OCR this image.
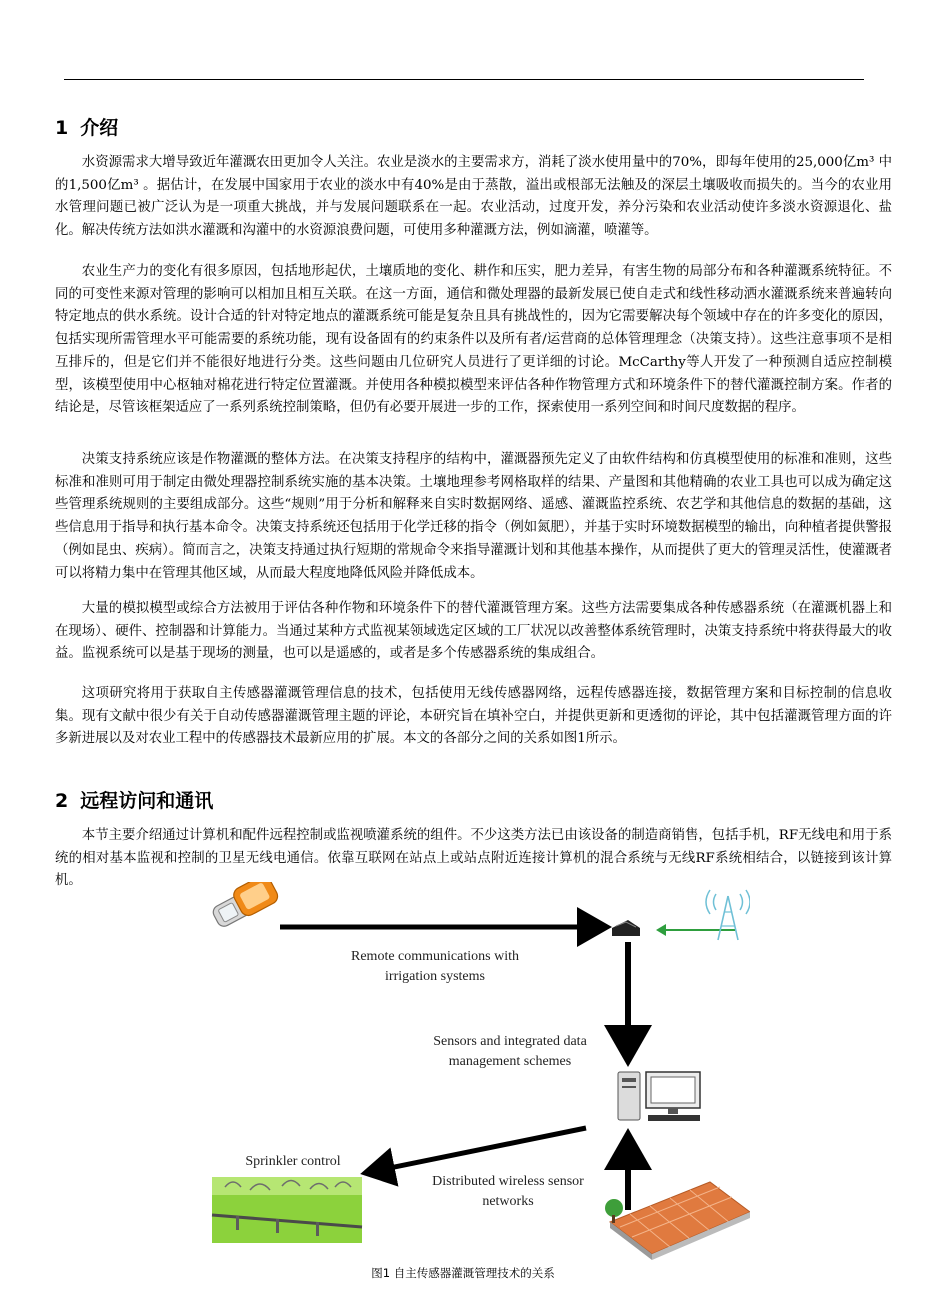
1 介绍

水资源需求大增导致近年灌溉农田更加令人关注。农业是淡水的主要需求方，消耗了淡水使用量中的70%，即每年使用的25,000亿m³ 中的1,500亿m³ 。据估计，在发展中国家用于农业的淡水中有40%是由于蒸散，溢出或根部无法触及的深层土壤吸收而损失的。当今的农业用水管理问题已被广泛认为是一项重大挑战，并与发展问题联系在一起。农业活动，过度开发，养分污染和农业活动使许多淡水资源退化、盐化。解决传统方法如洪水灌溉和沟灌中的水资源浪费问题，可使用多种灌溉方法，例如滴灌，喷灌等。

农业生产力的变化有很多原因，包括地形起伏，土壤质地的变化、耕作和压实，肥力差异，有害生物的局部分布和各种灌溉系统特征。不同的可变性来源对管理的影响可以相加且相互关联。在这一方面，通信和微处理器的最新发展已使自走式和线性移动洒水灌溉系统来普遍转向特定地点的供水系统。设计合适的针对特定地点的灌溉系统可能是复杂且具有挑战性的，因为它需要解决每个领域中存在的许多变化的原因，包括实现所需管理水平可能需要的系统功能，现有设备固有的约束条件以及所有者/运营商的总体管理理念（决策支持）。这些注意事项不是相互排斥的，但是它们并不能很好地进行分类。这些问题由几位研究人员进行了更详细的讨论。McCarthy等人开发了一种预测自适应控制模型，该模型使用中心枢轴对棉花进行特定位置灌溉。并使用各种模拟模型来评估各种作物管理方式和环境条件下的替代灌溉控制方案。作者的结论是，尽管该框架适应了一系列系统控制策略，但仍有必要开展进一步的工作，探索使用一系列空间和时间尺度数据的程序。

决策支持系统应该是作物灌溉的整体方法。在决策支持程序的结构中，灌溉器预先定义了由软件结构和仿真模型使用的标准和准则，这些标准和准则可用于制定由微处理器控制系统实施的基本决策。土壤地理参考网格取样的结果、产量图和其他精确的农业工具也可以成为确定这些管理系统规则的主要组成部分。这些“规则”用于分析和解释来自实时数据网络、遥感、灌溉监控系统、农艺学和其他信息的数据的基础，这些信息用于指导和执行基本命令。决策支持系统还包括用于化学迁移的指令（例如氮肥），并基于实时环境数据模型的输出，向种植者提供警报（例如昆虫、疾病）。简而言之，决策支持通过执行短期的常规命令来指导灌溉计划和其他基本操作，从而提供了更大的管理灵活性，使灌溉者可以将精力集中在管理其他区域，从而最大程度地降低风险并降低成本。

大量的模拟模型或综合方法被用于评估各种作物和环境条件下的替代灌溉管理方案。这些方法需要集成各种传感器系统（在灌溉机器上和在现场）、硬件、控制器和计算能力。当通过某种方式监视某领域选定区域的工厂状况以改善整体系统管理时，决策支持系统中将获得最大的收益。监视系统可以是基于现场的测量，也可以是遥感的，或者是多个传感器系统的集成组合。

这项研究将用于获取自主传感器灌溉管理信息的技术，包括使用无线传感器网络，远程传感器连接，数据管理方案和目标控制的信息收集。现有文献中很少有关于自动传感器灌溉管理主题的评论，本研究旨在填补空白，并提供更新和更透彻的评论，其中包括灌溉管理方面的许多新进展以及对农业工程中的传感器技术最新应用的扩展。本文的各部分之间的关系如图1所示。

2 远程访问和通讯

本节主要介绍通过计算机和配件远程控制或监视喷灌系统的组件。不少这类方法已由该设备的制造商销售，包括手机，RF无线电和用于系统的相对基本监视和控制的卫星无线电通信。依靠互联网在站点上或站点附近连接计算机的混合系统与无线RF系统相结合，以链接到该计算机。

Remote communications with
irrigation systems
Sensors and integrated data
management schemes
Sprinkler control
Distributed wireless sensor
networks
图1 自主传感器灌溉管理技术的关系
